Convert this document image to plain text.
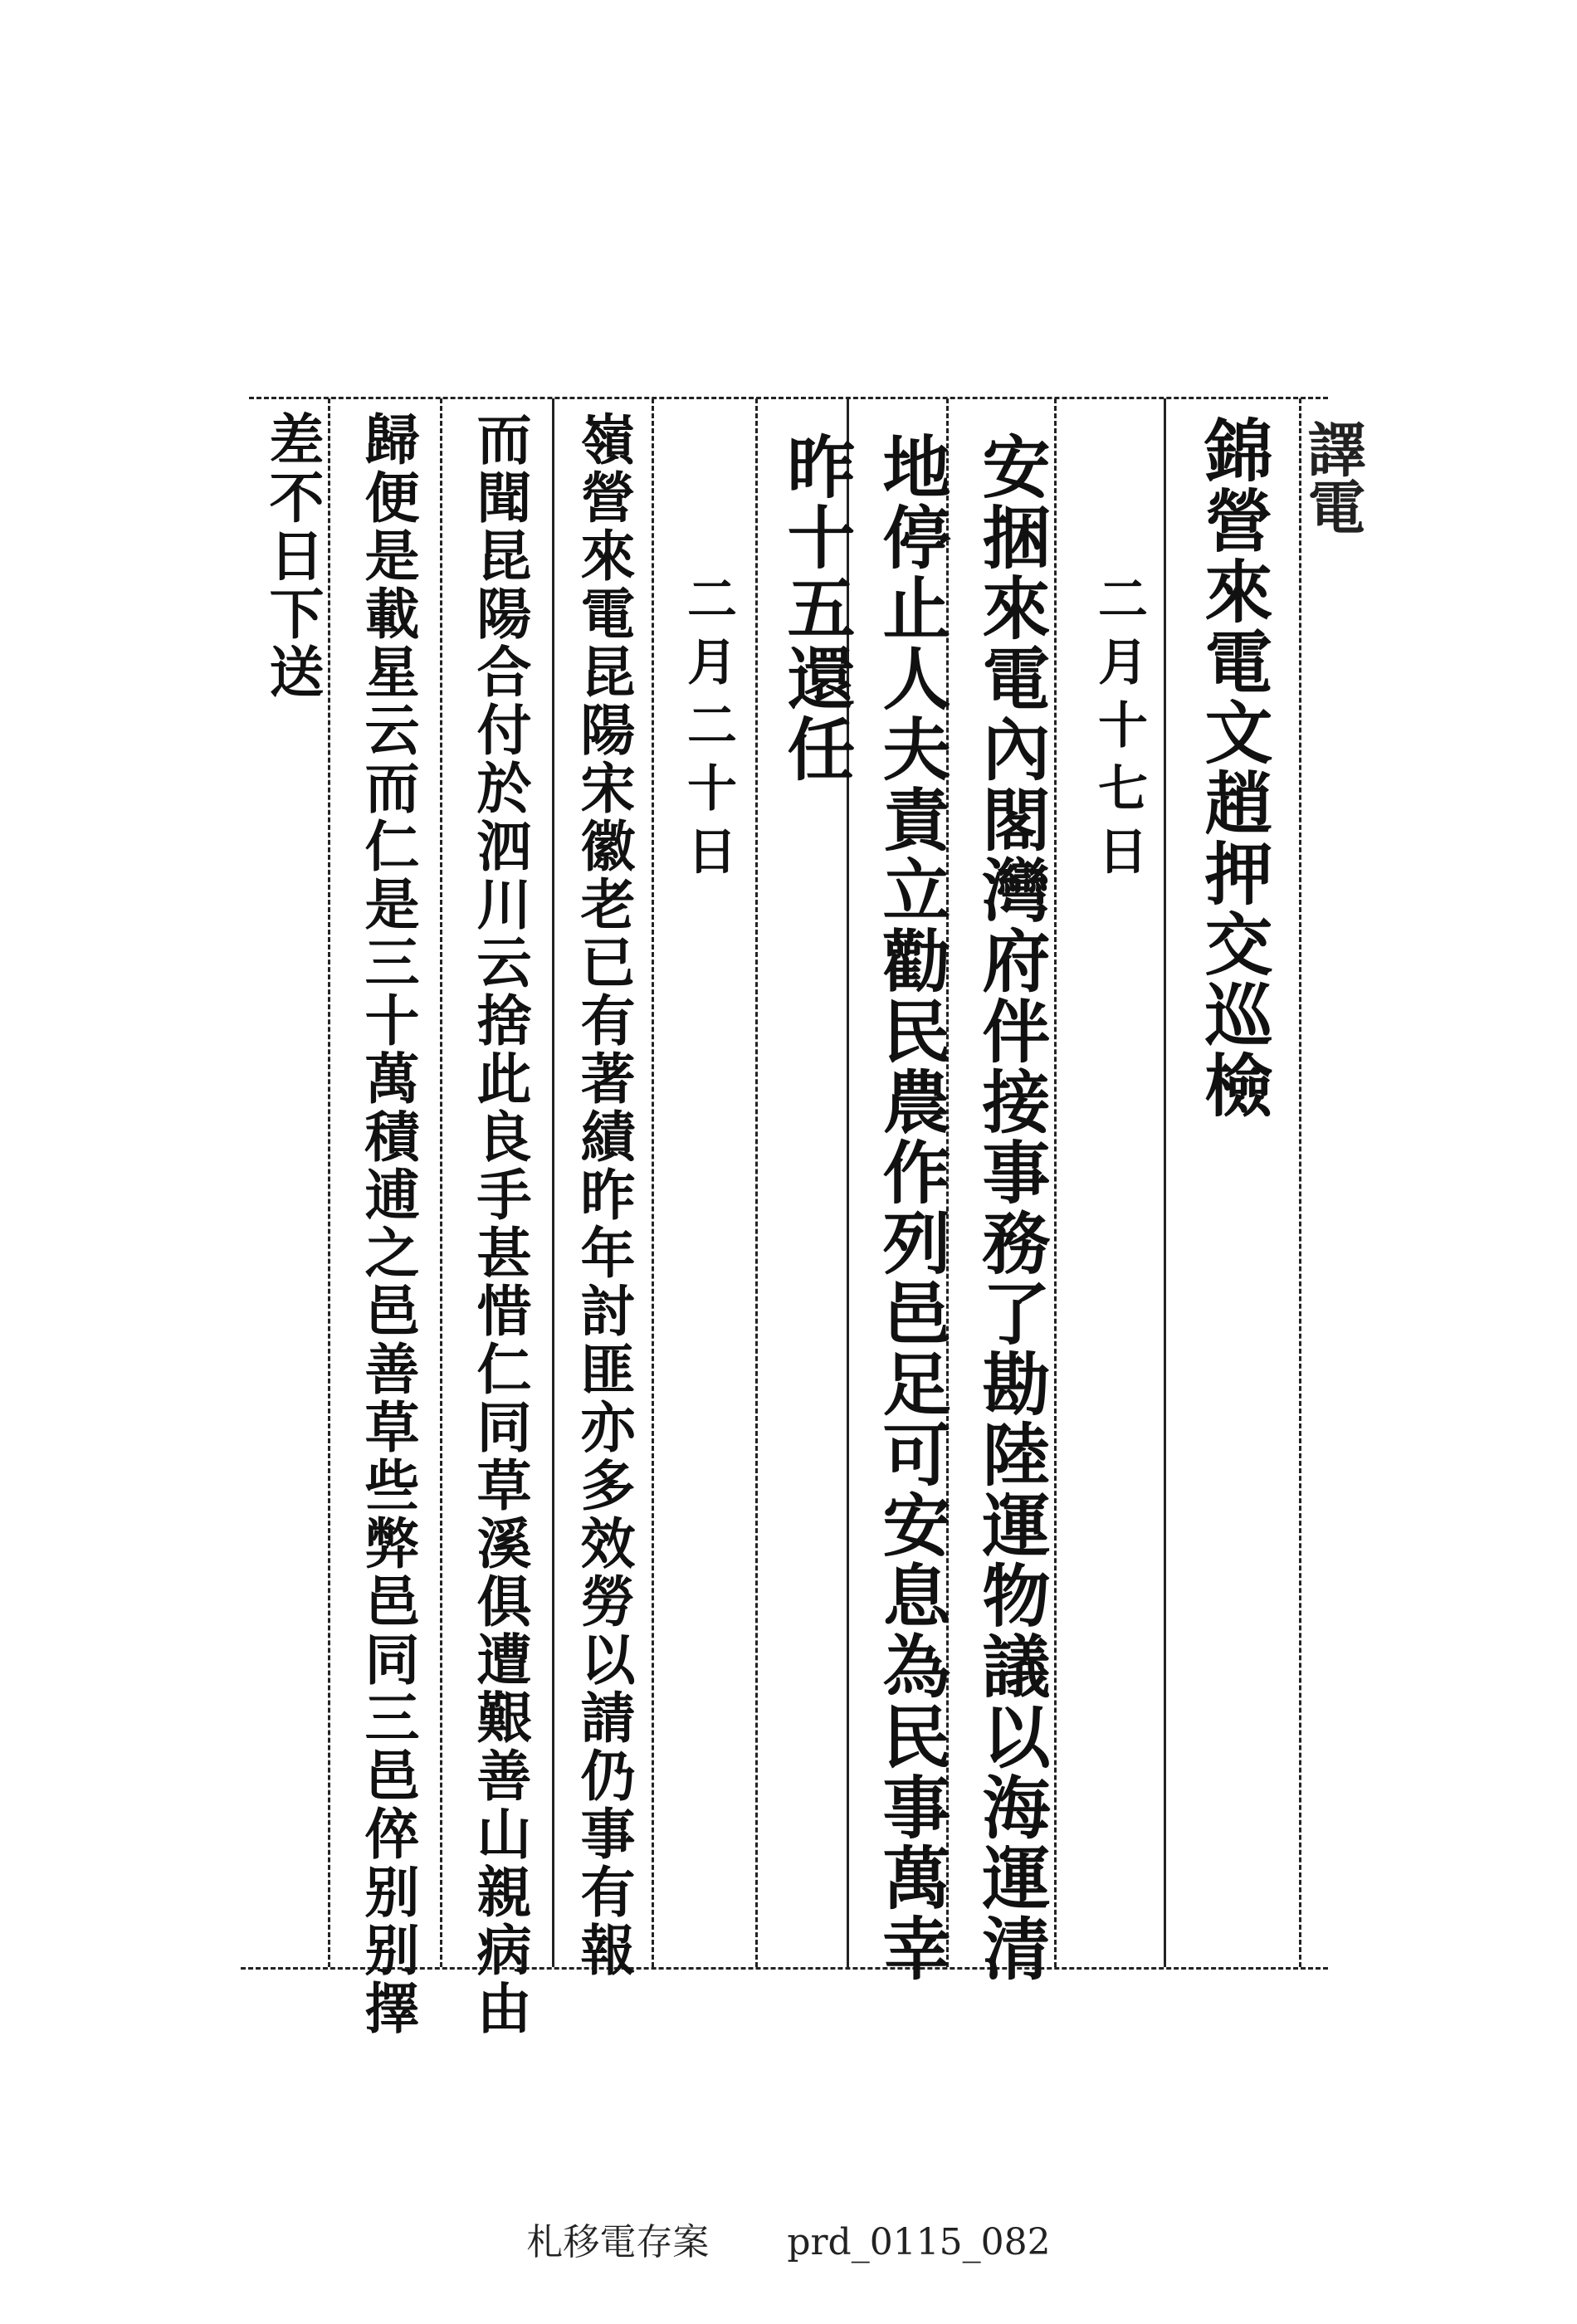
譯電
錦營來電文趙押交巡檢
二月十七日
安捆來電內閣灣府伴接事務了勘陸運物議以海運清
地停止人夫責立勸民農作列邑足可安息為民事萬幸
昨十五還任
二月二十日
嶺營來電昆陽宋徽老已有著績昨年討匪亦多效勞以請仍事有報
而聞昆陽合付於泗川云捨此良手甚惜仁同草溪俱遭艱善山親病由
歸便是載星云而仁是三十萬積逋之邑善草些弊邑同三邑倅别别擇
差不日下送
札移電存案 prd_0115_082
